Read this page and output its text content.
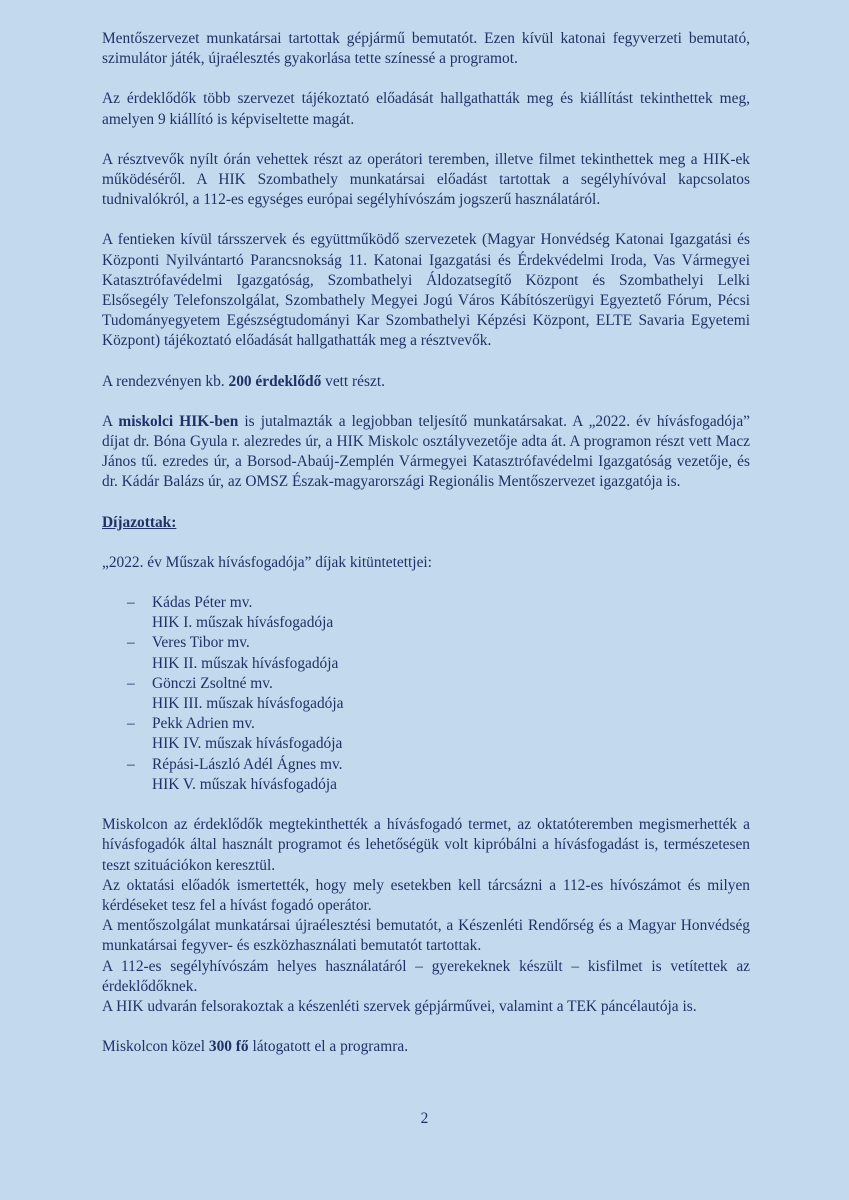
Mentőszervezet munkatársai tartottak gépjármű bemutatót. Ezen kívül katonai fegyverzeti bemutató, szimulátor játék, újraélesztés gyakorlása tette színessé a programot.

Az érdeklődők több szervezet tájékoztató előadását hallgathatták meg és kiállítást tekinthettek meg, amelyen 9 kiállító is képviseltette magát.

A résztvevők nyílt órán vehettek részt az operátori teremben, illetve filmet tekinthettek meg a HIK-ek működéséről. A HIK Szombathely munkatársai előadást tartottak a segélyhívóval kapcsolatos tudnivalókról, a 112-es egységes európai segélyhívószám jogszerű használatáról.

A fentieken kívül társszervek és együttműködő szervezetek (Magyar Honvédség Katonai Igazgatási és Központi Nyilvántartó Parancsnokság 11. Katonai Igazgatási és Érdekvédelmi Iroda, Vas Vármegyei Katasztrófavédelmi Igazgatóság, Szombathelyi Áldozatsegítő Központ és Szombathelyi Lelki Elsősegély Telefonszolgálat, Szombathely Megyei Jogú Város Kábítószerügyi Egyeztető Fórum, Pécsi Tudományegyetem Egészségtudományi Kar Szombathelyi Képzési Központ, ELTE Savaria Egyetemi Központ) tájékoztató előadását hallgathatták meg a résztvevők.

A rendezvényen kb. 200 érdeklődő vett részt.

A miskolci HIK-ben is jutalmazták a legjobban teljesítő munkatársakat. A „2022. év hívásfogadója” díjat dr. Bóna Gyula r. alezredes úr, a HIK Miskolc osztályvezetője adta át. A programon részt vett Macz János tű. ezredes úr, a Borsod-Abaúj-Zemplén Vármegyei Katasztrófavédelmi Igazgatóság vezetője, és dr. Kádár Balázs úr, az OMSZ Észak-magyarországi Regionális Mentőszervezet igazgatója is.

Díjazottak:

„2022. év Műszak hívásfogadója” díjak kitüntetettjei:

– Kádas Péter mv.
HIK I. műszak hívásfogadója
– Veres Tibor mv.
HIK II. műszak hívásfogadója
– Gönczi Zsoltné mv.
HIK III. műszak hívásfogadója
– Pekk Adrien mv.
HIK IV. műszak hívásfogadója
– Répási-László Adél Ágnes mv.
HIK V. műszak hívásfogadója

Miskolcon az érdeklődők megtekinthették a hívásfogadó termet, az oktatóteremben megismerhették a hívásfogadók által használt programot és lehetőségük volt kipróbálni a hívásfogadást is, természetesen teszt szituációkon keresztül.

Az oktatási előadók ismertették, hogy mely esetekben kell tárcsázni a 112-es hívószámot és milyen kérdéseket tesz fel a hívást fogadó operátor.

A mentőszolgálat munkatársai újraélesztési bemutatót, a Készenléti Rendőrség és a Magyar Honvédség munkatársai fegyver- és eszközhasználati bemutatót tartottak.

A 112-es segélyhívószám helyes használatáról – gyerekeknek készült – kisfilmet is vetítettek az érdeklődőknek.

A HIK udvarán felsorakoztak a készenléti szervek gépjárművei, valamint a TEK páncélautója is.

Miskolcon közel 300 fő látogatott el a programra.

2
